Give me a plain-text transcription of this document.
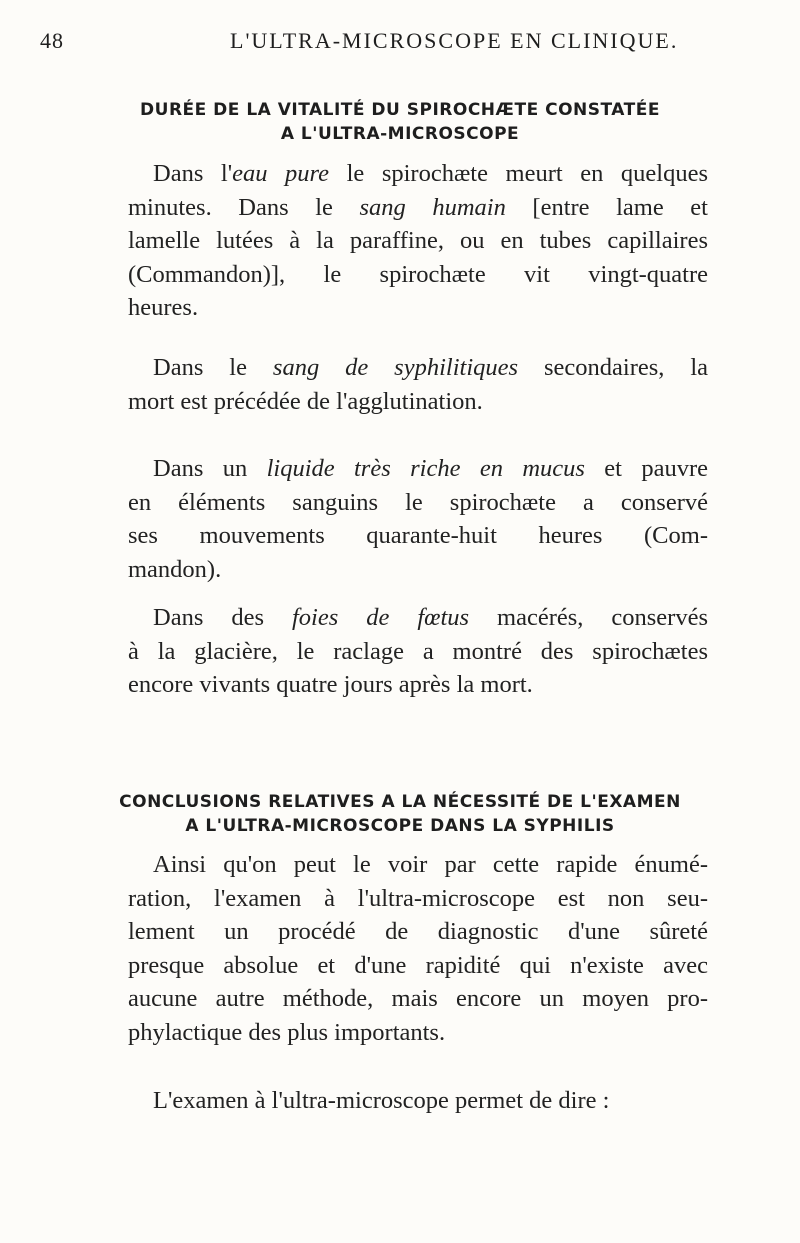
48	L'ULTRA-MICROSCOPE EN CLINIQUE.
DURÉE DE LA VITALITÉ DU SPIROCHÆTE CONSTATÉE
A L'ULTRA-MICROSCOPE
Dans l'eau pure le spirochæte meurt en quelques
minutes. Dans le sang humain [entre lame et
lamelle lutées à la paraffine, ou en tubes capillaires
(Commandon)], le spirochæte vit vingt-quatre
heures.
Dans le sang de syphilitiques secondaires, la
mort est précédée de l'agglutination.
Dans un liquide très riche en mucus et pauvre
en éléments sanguins le spirochæte a conservé
ses mouvements quarante-huit heures (Com-
mandon).
Dans des foies de fœtus macérés, conservés
à la glacière, le raclage a montré des spirochætes
encore vivants quatre jours après la mort.
CONCLUSIONS RELATIVES A LA NÉCESSITÉ DE L'EXAMEN
A L'ULTRA-MICROSCOPE DANS LA SYPHILIS
Ainsi qu'on peut le voir par cette rapide énumé-
ration, l'examen à l'ultra-microscope est non seu-
lement un procédé de diagnostic d'une sûreté
presque absolue et d'une rapidité qui n'existe avec
aucune autre méthode, mais encore un moyen pro-
phylactique des plus importants.
L'examen à l'ultra-microscope permet de dire :
